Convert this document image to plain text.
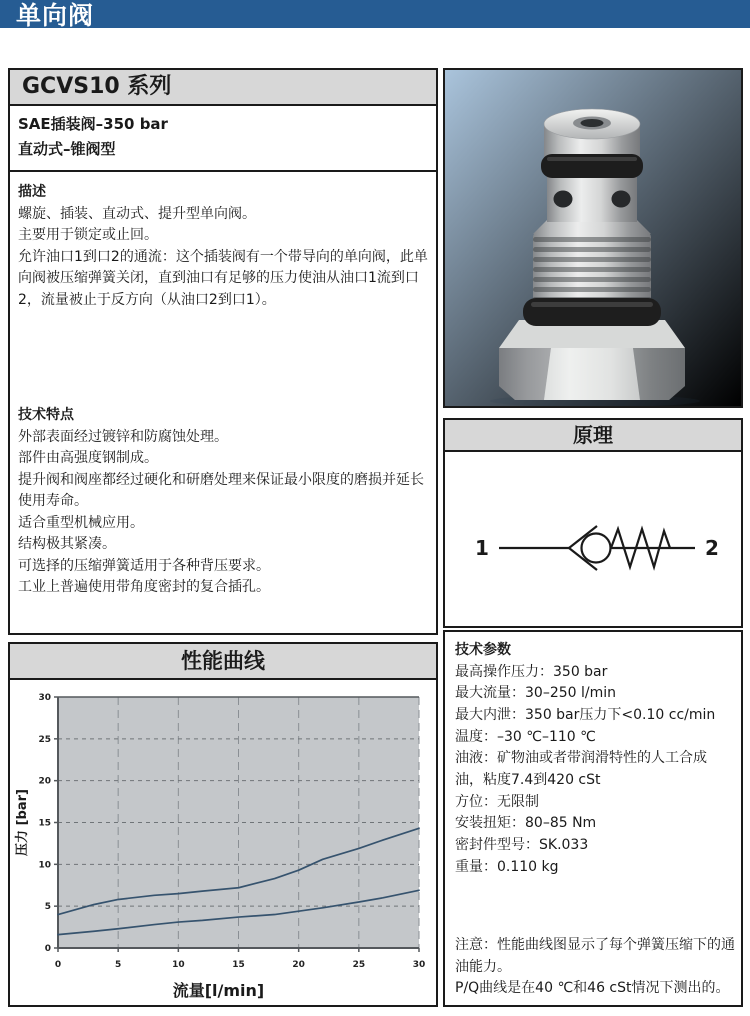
单向阀
GCVS10 系列
SAE插装阀–350 bar
直动式–锥阀型
描述
螺旋、插装、直动式、提升型单向阀。
主要用于锁定或止回。
允许油口1到口2的通流：这个插装阀有一个带导向的单向阀，此单向阀被压缩弹簧关闭，直到油口有足够的压力使油从油口1流到口2，流量被止于反方向（从油口2到口1）。
技术特点
外部表面经过镀锌和防腐蚀处理。
部件由高强度钢制成。
提升阀和阀座都经过硬化和研磨处理来保证最小限度的磨损并延长使用寿命。
适合重型机械应用。
结构极其紧凑。
可选择的压缩弹簧适用于各种背压要求。
工业上普遍使用带角度密封的复合插孔。
性能曲线
0	5	10	15	20	25	30
0
5
10
15
20
25
30
流量[l/min]
压力 [bar]
原理
1	2
技术参数
最高操作压力：350 bar
最大流量：30–250 l/min
最大内泄：350 bar压力下<0.10 cc/min
温度：–30 ℃–110 ℃
油液：矿物油或者带润滑特性的人工合成油，粘度7.4到420 cSt
方位：无限制
安装扭矩：80–85 Nm
密封件型号：SK.033
重量：0.110 kg
注意：性能曲线图显示了每个弹簧压缩下的通油能力。
P/Q曲线是在40 ℃和46 cSt情况下测出的。
